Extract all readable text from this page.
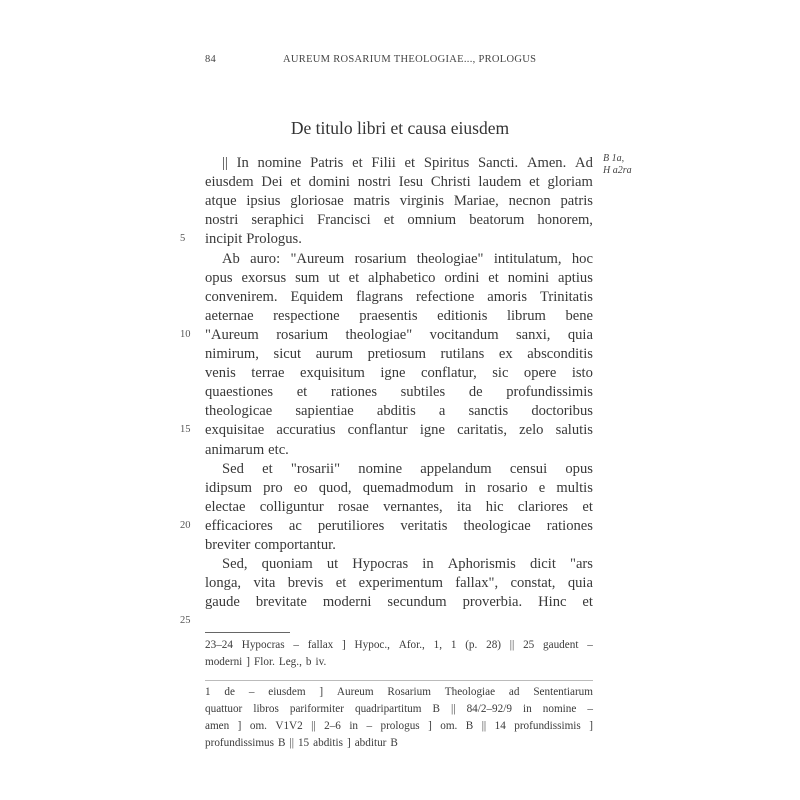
84	AUREUM ROSARIUM THEOLOGIAE..., PROLOGUS
De titulo libri et causa eiusdem
B 1a,
H a2ra
|| In nomine Patris et Filii et Spiritus Sancti. Amen. Ad
eiusdem Dei et domini nostri Iesu Christi laudem et gloriam
atque ipsius gloriosae matris virginis Mariae, necnon patris
nostri seraphici Francisci et omnium beatorum honorem,
incipit Prologus.
Ab auro: "Aureum rosarium theologiae" intitulatum, hoc
opus exorsus sum ut et alphabetico ordini et nomini aptius
convenirem. Equidem flagrans refectione amoris Trinitatis
aeternae respectione praesentis editionis librum bene
"Aureum rosarium theologiae" vocitandum sanxi, quia
nimirum, sicut aurum pretiosum rutilans ex absconditis
venis terrae exquisitum igne conflatur, sic opere isto
quaestiones et rationes subtiles de profundissimis
theologicae sapientiae abditis a sanctis doctoribus
exquisitae accuratius conflantur igne caritatis, zelo salutis
animarum etc.
Sed et "rosarii" nomine appelandum censui opus
idipsum pro eo quod, quemadmodum in rosario e multis
electae colliguntur rosae vernantes, ita hic clariores et
efficaciores ac perutiliores veritatis theologicae rationes
breviter comportantur.
Sed, quoniam ut Hypocras in Aphorismis dicit "ars
longa, vita brevis et experimentum fallax", constat, quia
gaude brevitate moderni secundum proverbia. Hinc et
5
10
15
20
25
23–24 Hypocras – fallax ] Hypoc., Afor., 1, 1 (p. 28) || 25 gaudent –
moderni ] Flor. Leg., b iv.
1 de – eiusdem ] Aureum Rosarium Theologiae ad Sententiarum
quattuor libros pariformiter quadripartitum B || 84/2–92/9 in nomine –
amen ] om. V1V2 || 2–6 in – prologus ] om. B || 14 profundissimis ]
profundissimus B || 15 abditis ] abditur B
